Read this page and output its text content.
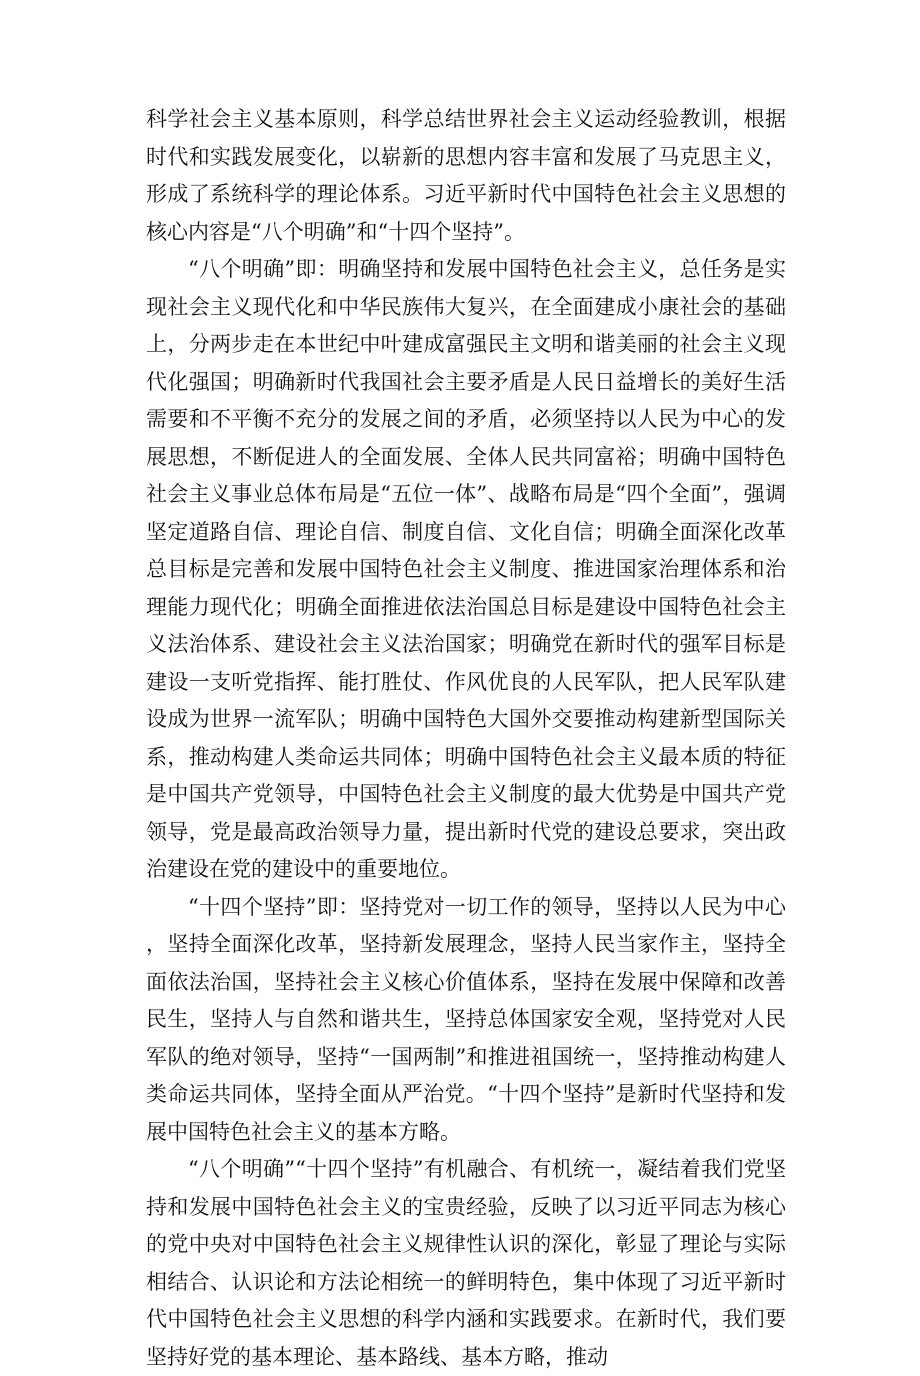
科学社会主义基本原则，科学总结世界社会主义运动经验教训，根据时代和实践发展变化，以崭新的思想内容丰富和发展了马克思主义，形成了系统科学的理论体系。习近平新时代中国特色社会主义思想的核心内容是“八个明确”和“十四个坚持”。

“八个明确”即：明确坚持和发展中国特色社会主义，总任务是实现社会主义现代化和中华民族伟大复兴，在全面建成小康社会的基础上，分两步走在本世纪中叶建成富强民主文明和谐美丽的社会主义现代化强国；明确新时代我国社会主要矛盾是人民日益增长的美好生活需要和不平衡不充分的发展之间的矛盾，必须坚持以人民为中心的发展思想，不断促进人的全面发展、全体人民共同富裕；明确中国特色社会主义事业总体布局是“五位一体”、战略布局是“四个全面”，强调坚定道路自信、理论自信、制度自信、文化自信；明确全面深化改革总目标是完善和发展中国特色社会主义制度、推进国家治理体系和治理能力现代化；明确全面推进依法治国总目标是建设中国特色社会主义法治体系、建设社会主义法治国家；明确党在新时代的强军目标是建设一支听党指挥、能打胜仗、作风优良的人民军队，把人民军队建设成为世界一流军队；明确中国特色大国外交要推动构建新型国际关系，推动构建人类命运共同体；明确中国特色社会主义最本质的特征是中国共产党领导，中国特色社会主义制度的最大优势是中国共产党领导，党是最高政治领导力量，提出新时代党的建设总要求，突出政治建设在党的建设中的重要地位。

“十四个坚持”即：坚持党对一切工作的领导，坚持以人民为中心，坚持全面深化改革，坚持新发展理念，坚持人民当家作主，坚持全面依法治国，坚持社会主义核心价值体系，坚持在发展中保障和改善民生，坚持人与自然和谐共生，坚持总体国家安全观，坚持党对人民军队的绝对领导，坚持“一国两制”和推进祖国统一，坚持推动构建人类命运共同体，坚持全面从严治党。“十四个坚持”是新时代坚持和发展中国特色社会主义的基本方略。

“八个明确”“十四个坚持”有机融合、有机统一，凝结着我们党坚持和发展中国特色社会主义的宝贵经验，反映了以习近平同志为核心的党中央对中国特色社会主义规律性认识的深化，彰显了理论与实际相结合、认识论和方法论相统一的鲜明特色，集中体现了习近平新时代中国特色社会主义思想的科学内涵和实践要求。在新时代，我们要坚持好党的基本理论、基本路线、基本方略，推动
